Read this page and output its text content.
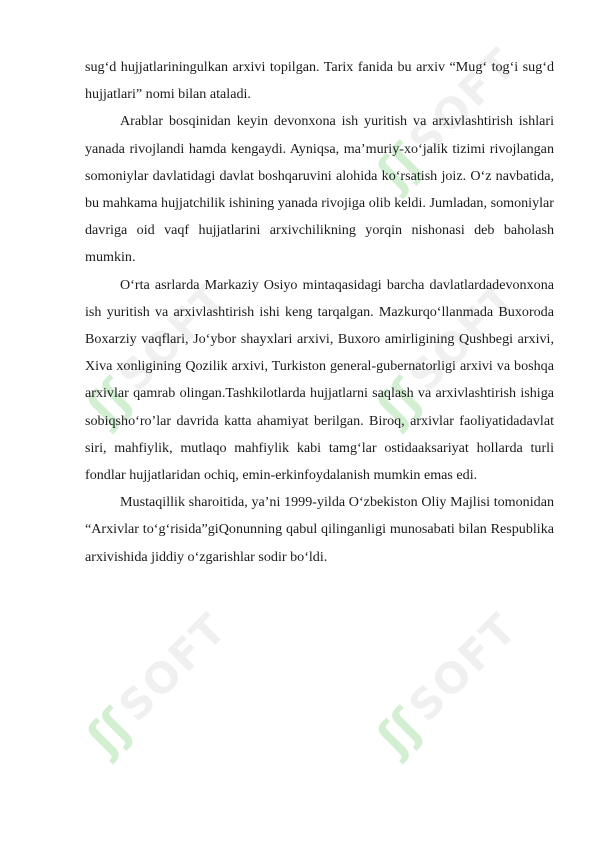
ʃʃ
SOFT
ʃʃ
SOFT
ʃʃ
SOFT
ʃʃ
SOFT
ʃʃ
SOFT

sug‘d hujjatlariningulkan arxivi topilgan. Tarix fanida bu arxiv “Mug‘ tog‘i sug‘d hujjatlari” nomi bilan ataladi.

Arablar bosqinidan keyin devonxona ish yuritish va arxivlashtirish ishlari yanada rivojlandi hamda kengaydi. Ayniqsa, ma’muriy-xo‘jalik tizimi rivojlangan somoniylar davlatidagi davlat boshqaruvini alohida ko‘rsatish joiz. O‘z navbatida, bu mahkama hujjatchilik ishining yanada rivojiga olib keldi. Jumladan, somoniylar davriga oid vaqf hujjatlarini arxivchilikning yorqin nishonasi deb baholash mumkin.

O‘rta asrlarda Markaziy Osiyo mintaqasidagi barcha davlatlardadevonxona ish yuritish va arxivlashtirish ishi keng tarqalgan. Mazkurqo‘llanmada Buxoroda Boxarziy vaqflari, Jo‘ybor shayxlari arxivi, Buxoro amirligining Qushbegi arxivi, Xiva xonligining Qozilik arxivi, Turkiston general-gubernatorligi arxivi va boshqa arxivlar qamrab olingan.Tashkilotlarda hujjatlarni saqlash va arxivlashtirish ishiga sobiqsho‘ro’lar davrida katta ahamiyat berilgan. Biroq, arxivlar faoliyatidadavlat siri, mahfiylik, mutlaqo mahfiylik kabi tamg‘lar ostidaaksariyat hollarda turli fondlar hujjatlaridan ochiq, emin-erkinfoydalanish mumkin emas edi.

Mustaqillik sharoitida, ya’ni 1999-yilda O‘zbekiston Oliy Majlisi tomonidan “Arxivlar to‘g‘risida”giQonunning qabul qilinganligi munosabati bilan Respublika arxivishida jiddiy o‘zgarishlar sodir bo‘ldi.
